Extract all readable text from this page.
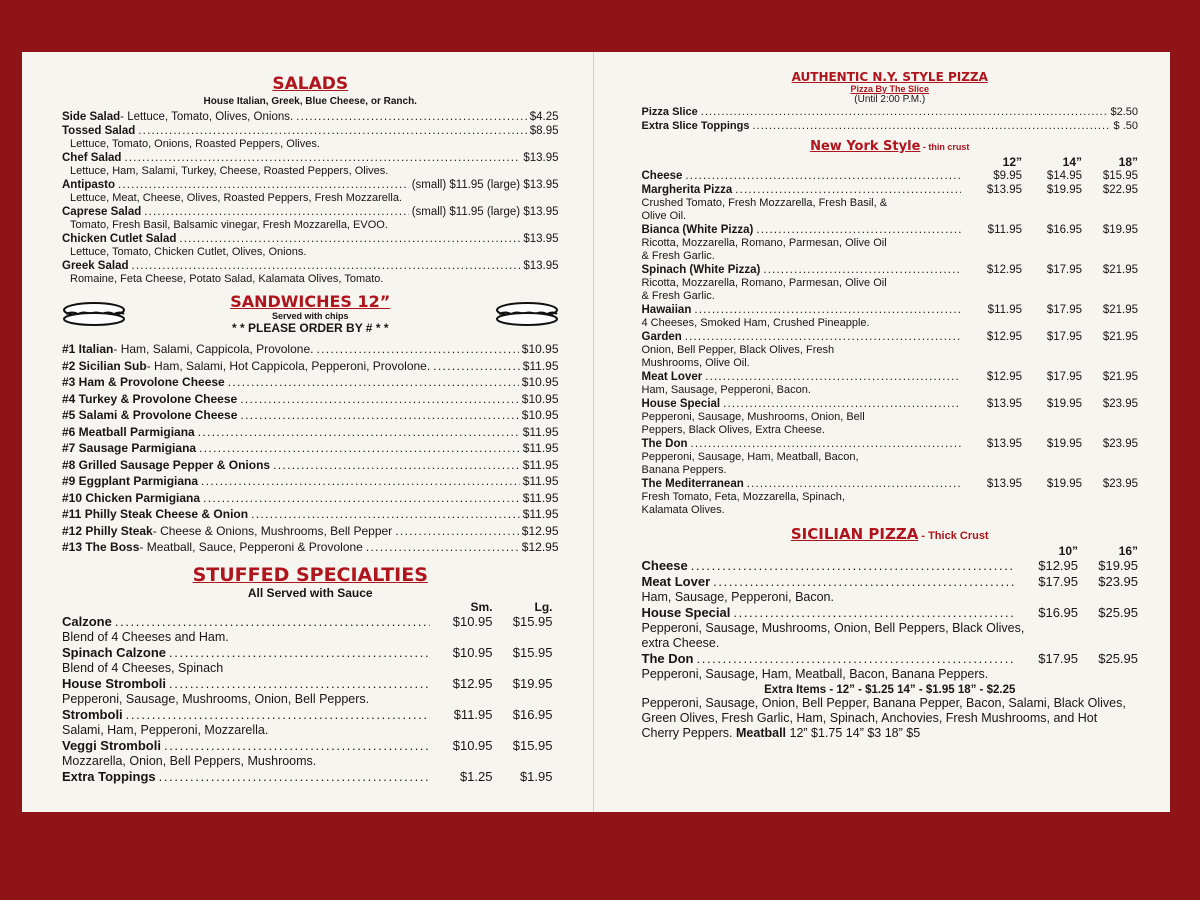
SALADS
House Italian, Greek, Blue Cheese, or Ranch.
Side Salad - Lettuce, Tomato, Olives, Onions. . . .	$4.25
Tossed Salad . . .	$8.95
Lettuce, Tomato, Onions, Roasted Peppers, Olives.
Chef Salad . . .	$13.95
Lettuce, Ham, Salami, Turkey, Cheese, Roasted Peppers, Olives.
Antipasto . . .	(small) $11.95 (large) $13.95
Lettuce, Meat, Cheese, Olives, Roasted Peppers, Fresh Mozzarella.
Caprese Salad . . .	(small) $11.95 (large) $13.95
Tomato, Fresh Basil, Balsamic vinegar, Fresh Mozzarella, EVOO.
Chicken Cutlet Salad . . .	$13.95
Lettuce, Tomato, Chicken Cutlet, Olives, Onions.
Greek Salad . . .	$13.95
Romaine, Feta Cheese, Potato Salad, Kalamata Olives, Tomato.
SANDWICHES 12”
Served with chips
* * PLEASE ORDER BY # * *
#1 Italian - Ham, Salami, Cappicola, Provolone. . . .	$10.95
#2 Sicilian Sub - Ham, Salami, Hot Cappicola, Pepperoni, Provolone. . . .	$11.95
#3 Ham & Provolone Cheese . . .	$10.95
#4 Turkey & Provolone Cheese . . .	$10.95
#5 Salami & Provolone Cheese . . .	$10.95
#6 Meatball Parmigiana . . .	$11.95
#7 Sausage Parmigiana . . .	$11.95
#8 Grilled Sausage Pepper & Onions . . .	$11.95
#9 Eggplant Parmigiana . . .	$11.95
#10 Chicken Parmigiana . . .	$11.95
#11 Philly Steak Cheese & Onion . . .	$11.95
#12 Philly Steak - Cheese & Onions, Mushrooms, Bell Pepper . . .	$12.95
#13 The Boss - Meatball, Sauce, Pepperoni & Provolone . . .	$12.95
STUFFED SPECIALTIES
All Served with Sauce
Sm.	Lg.
Calzone . . .	$10.95	$15.95
Blend of 4 Cheeses and Ham.
Spinach Calzone . . .	$10.95	$15.95
Blend of 4 Cheeses, Spinach
House Stromboli . . .	$12.95	$19.95
Pepperoni, Sausage, Mushrooms, Onion, Bell Peppers.
Stromboli . . .	$11.95	$16.95
Salami, Ham, Pepperoni, Mozzarella.
Veggi Stromboli . . .	$10.95	$15.95
Mozzarella, Onion, Bell Peppers, Mushrooms.
Extra Toppings . . .	$1.25	$1.95
AUTHENTIC N.Y. STYLE PIZZA
Pizza By The Slice
(Until 2:00 P.M.)
Pizza Slice . . .	$2.50
Extra Slice Toppings . . .	$ .50
New York Style - thin crust
12”	14”	18”
Cheese . . .	$9.95	$14.95	$15.95
Margherita Pizza . . .	$13.95	$19.95	$22.95
Crushed Tomato, Fresh Mozzarella, Fresh Basil, & Olive Oil.
Bianca (White Pizza) . . .	$11.95	$16.95	$19.95
Ricotta, Mozzarella, Romano, Parmesan, Olive Oil & Fresh Garlic.
Spinach (White Pizza) . . .	$12.95	$17.95	$21.95
Ricotta, Mozzarella, Romano, Parmesan, Olive Oil & Fresh Garlic.
Hawaiian . . .	$11.95	$17.95	$21.95
4 Cheeses, Smoked Ham, Crushed Pineapple.
Garden . . .	$12.95	$17.95	$21.95
Onion, Bell Pepper, Black Olives, Fresh Mushrooms, Olive Oil.
Meat Lover . . .	$12.95	$17.95	$21.95
Ham, Sausage, Pepperoni, Bacon.
House Special . . .	$13.95	$19.95	$23.95
Pepperoni, Sausage, Mushrooms, Onion, Bell Peppers, Black Olives, Extra Cheese.
The Don . . .	$13.95	$19.95	$23.95
Pepperoni, Sausage, Ham, Meatball, Bacon, Banana Peppers.
The Mediterranean . . .	$13.95	$19.95	$23.95
Fresh Tomato, Feta, Mozzarella, Spinach, Kalamata Olives.
SICILIAN PIZZA - Thick Crust
10”	16”
Cheese . . .	$12.95	$19.95
Meat Lover . . .	$17.95	$23.95
Ham, Sausage, Pepperoni, Bacon.
House Special . . .	$16.95	$25.95
Pepperoni, Sausage, Mushrooms, Onion, Bell Peppers, Black Olives, extra Cheese.
The Don . . .	$17.95	$25.95
Pepperoni, Sausage, Ham, Meatball, Bacon, Banana Peppers.
Extra Items - 12” - $1.25 14” - $1.95 18” - $2.25
Pepperoni, Sausage, Onion, Bell Pepper, Banana Pepper, Bacon, Salami, Black Olives, Green Olives, Fresh Garlic, Ham, Spinach, Anchovies, Fresh Mushrooms, and Hot Cherry Peppers. Meatball 12” $1.75 14” $3 18” $5
